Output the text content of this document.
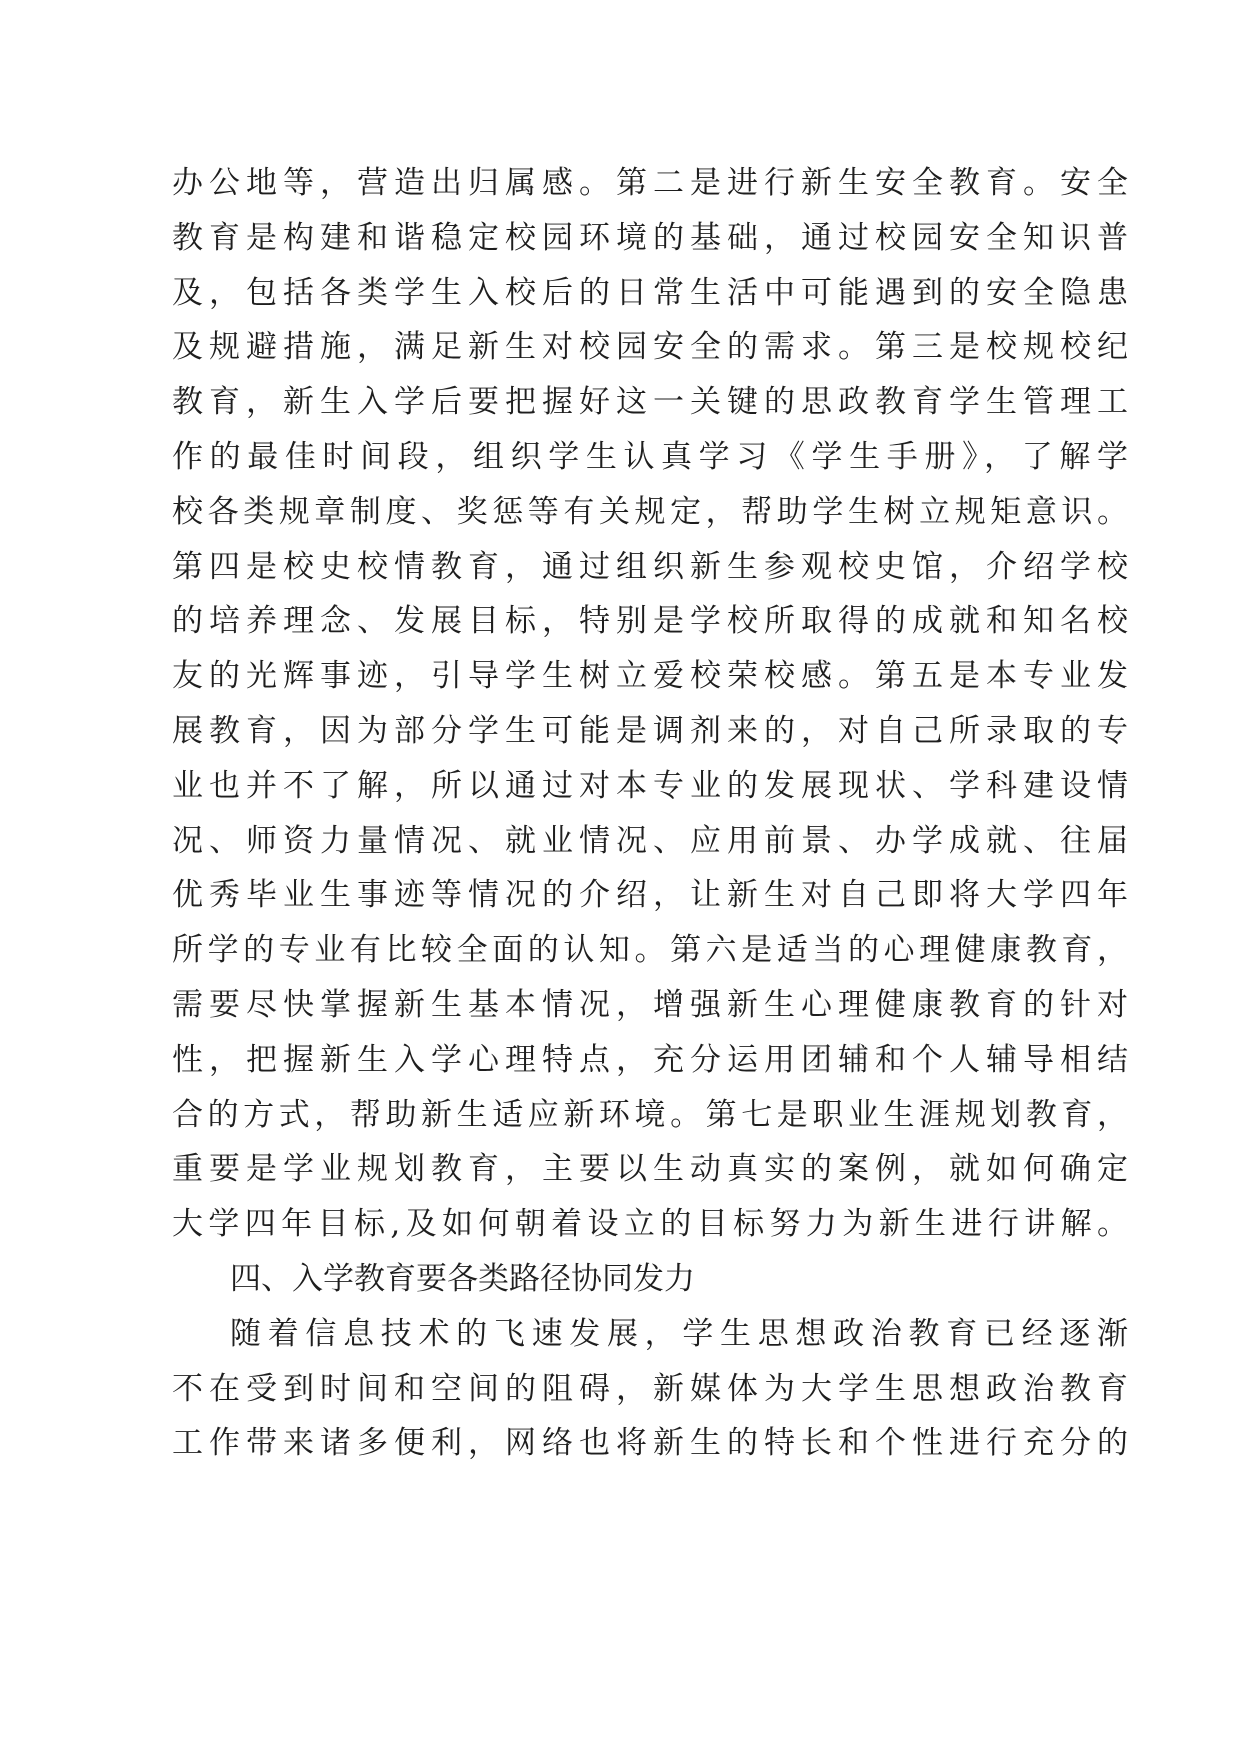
办公地等，营造出归属感。第二是进行新生安全教育。安全
教育是构建和谐稳定校园环境的基础，通过校园安全知识普
及，包括各类学生入校后的日常生活中可能遇到的安全隐患
及规避措施，满足新生对校园安全的需求。第三是校规校纪
教育，新生入学后要把握好这一关键的思政教育学生管理工
作的最佳时间段，组织学生认真学习《学生手册》，了解学
校各类规章制度、奖惩等有关规定，帮助学生树立规矩意识。
第四是校史校情教育，通过组织新生参观校史馆，介绍学校
的培养理念、发展目标，特别是学校所取得的成就和知名校
友的光辉事迹，引导学生树立爱校荣校感。第五是本专业发
展教育，因为部分学生可能是调剂来的，对自己所录取的专
业也并不了解，所以通过对本专业的发展现状、学科建设情
况、师资力量情况、就业情况、应用前景、办学成就、往届
优秀毕业生事迹等情况的介绍，让新生对自己即将大学四年
所学的专业有比较全面的认知。第六是适当的心理健康教育，
需要尽快掌握新生基本情况，增强新生心理健康教育的针对
性，把握新生入学心理特点，充分运用团辅和个人辅导相结
合的方式，帮助新生适应新环境。第七是职业生涯规划教育，
重要是学业规划教育，主要以生动真实的案例，就如何确定
大学四年目标,及如何朝着设立的目标努力为新生进行讲解。
四、入学教育要各类路径协同发力
随着信息技术的飞速发展，学生思想政治教育已经逐渐
不在受到时间和空间的阻碍，新媒体为大学生思想政治教育
工作带来诸多便利，网络也将新生的特长和个性进行充分的
